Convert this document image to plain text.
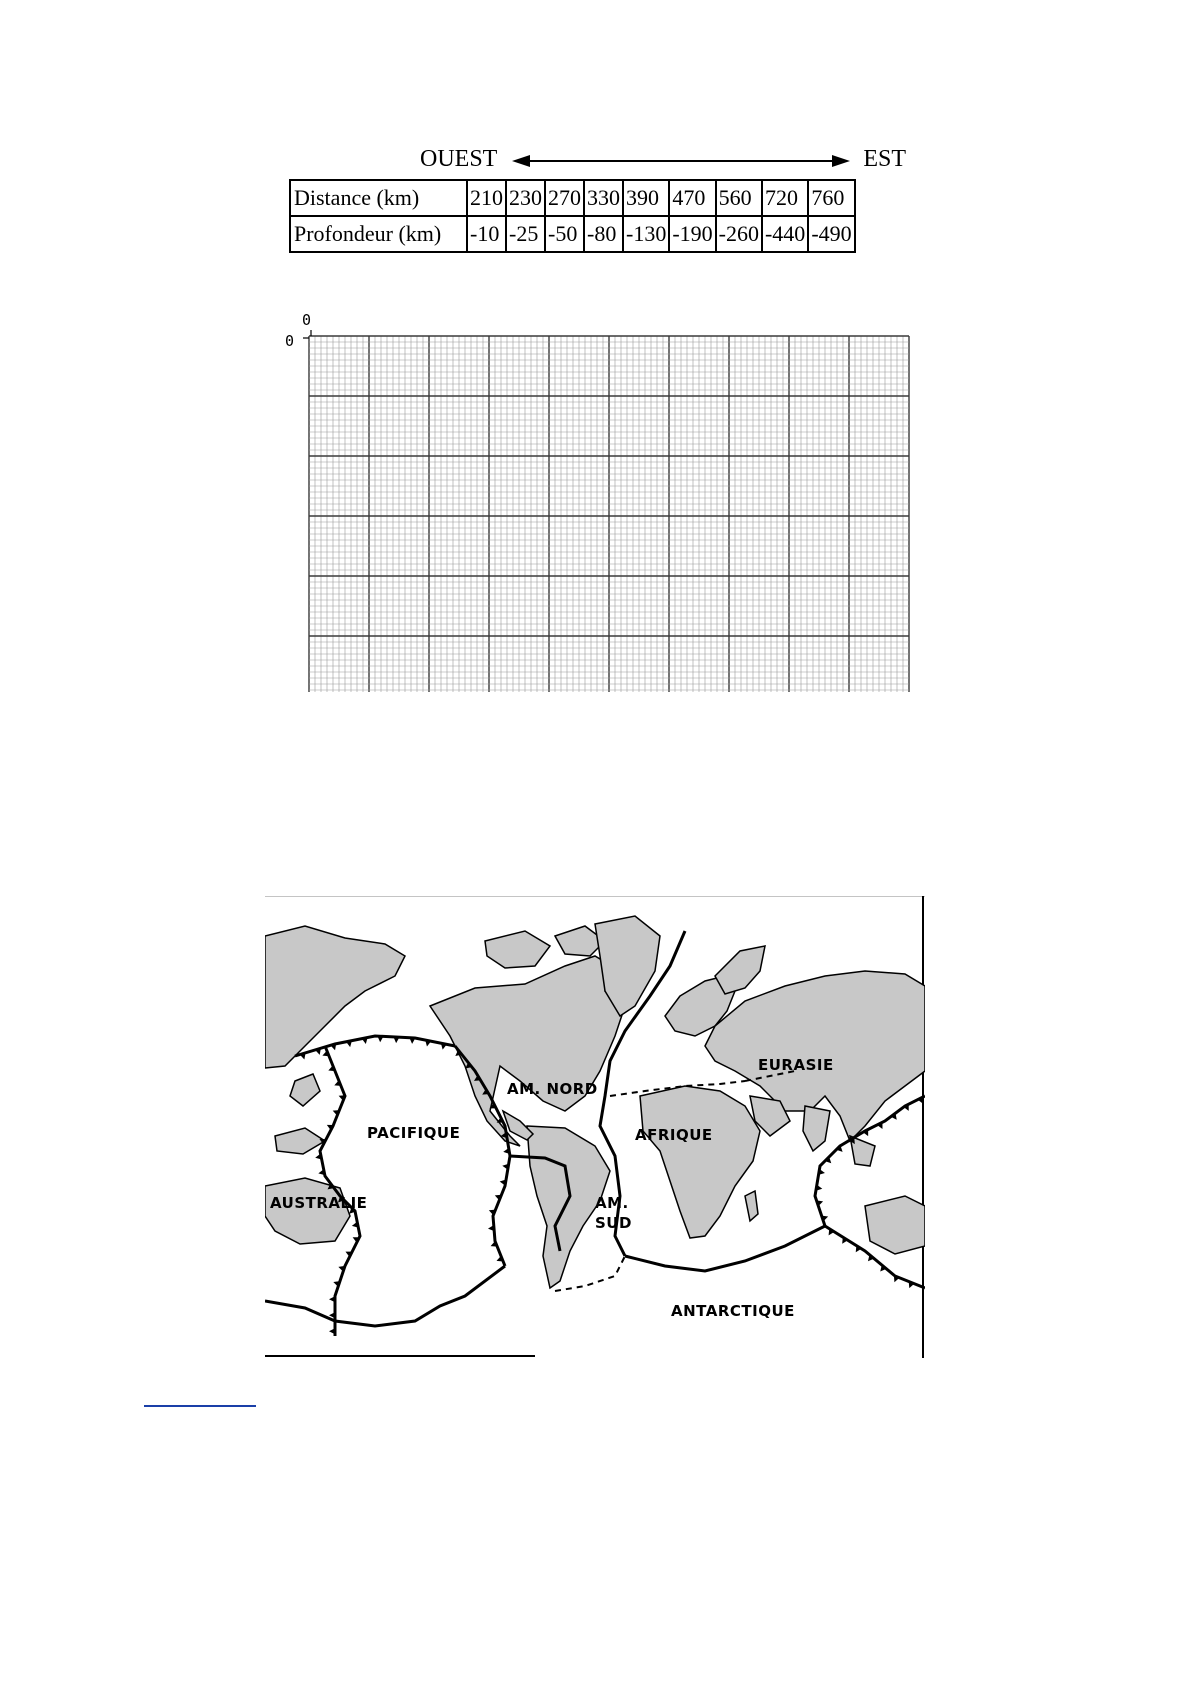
OUEST	EST
Distance (km)	210	230	270	330	390	470	560	720	760
Profondeur (km)	-10	-25	-50	-80	-130	-190	-260	-440	-490
0
0
PACIFIQUE
AM. NORD
EURASIE
AFRIQUE
AUSTRALIE	AM.
SUD
ANTARCTIQUE
